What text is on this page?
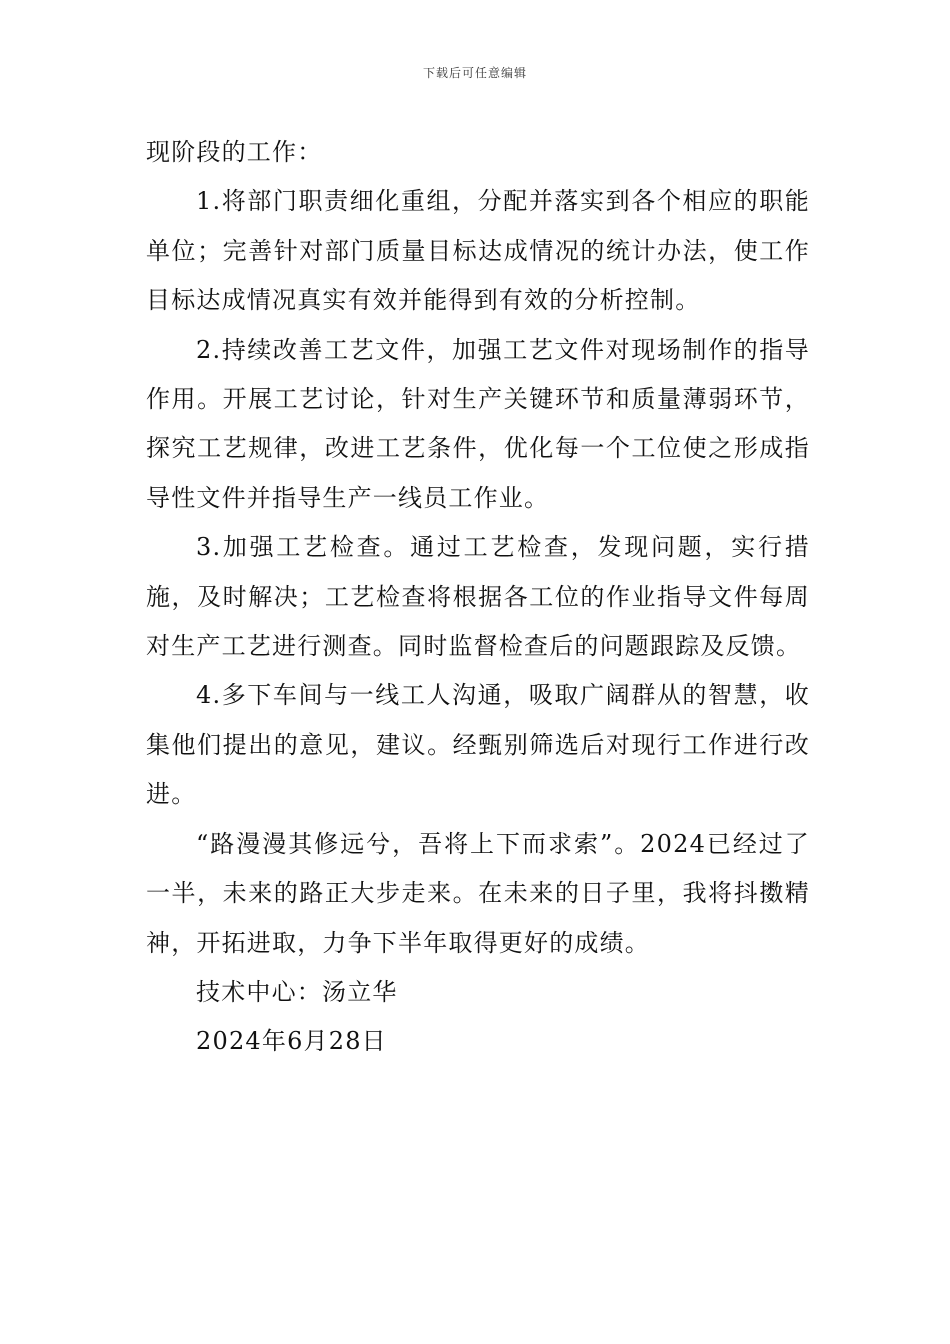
下载后可任意编辑

现阶段的工作：

1.将部门职责细化重组，分配并落实到各个相应的职能单位；完善针对部门质量目标达成情况的统计办法，使工作目标达成情况真实有效并能得到有效的分析控制。

2.持续改善工艺文件，加强工艺文件对现场制作的指导作用。开展工艺讨论，针对生产关键环节和质量薄弱环节，探究工艺规律，改进工艺条件，优化每一个工位使之形成指导性文件并指导生产一线员工作业。

3.加强工艺检查。通过工艺检查，发现问题，实行措施，及时解决；工艺检查将根据各工位的作业指导文件每周对生产工艺进行测查。同时监督检查后的问题跟踪及反馈。

4.多下车间与一线工人沟通，吸取广阔群从的智慧，收集他们提出的意见，建议。经甄别筛选后对现行工作进行改进。

“路漫漫其修远兮，吾将上下而求索”。2024已经过了一半，未来的路正大步走来。在未来的日子里，我将抖擞精神，开拓进取，力争下半年取得更好的成绩。

技术中心：汤立华

2024年6月28日
